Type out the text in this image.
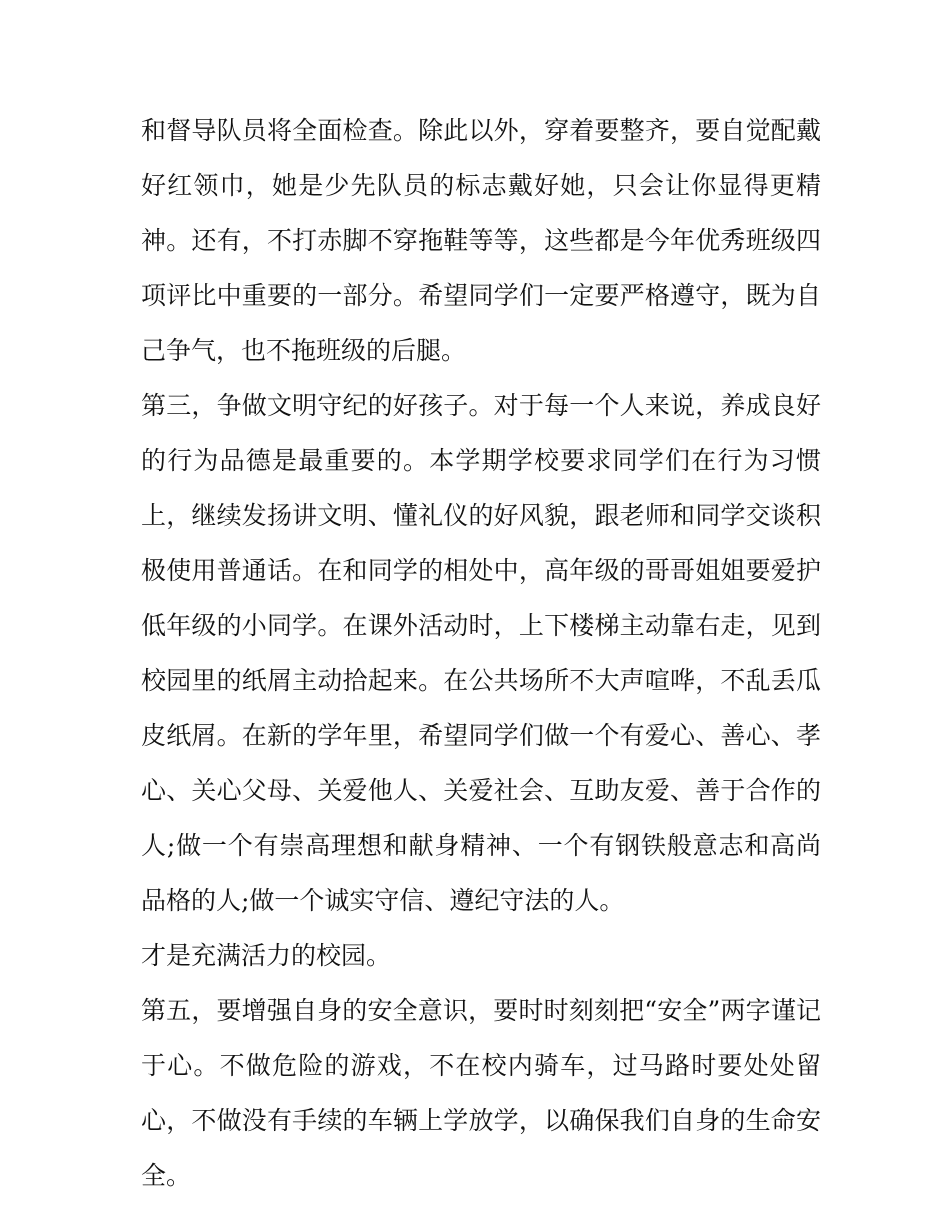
和督导队员将全面检查。除此以外，穿着要整齐，要自觉配戴
好红领巾，她是少先队员的标志戴好她，只会让你显得更精
神。还有，不打赤脚不穿拖鞋等等，这些都是今年优秀班级四
项评比中重要的一部分。希望同学们一定要严格遵守，既为自
己争气，也不拖班级的后腿。
第三，争做文明守纪的好孩子。对于每一个人来说，养成良好
的行为品德是最重要的。本学期学校要求同学们在行为习惯
上，继续发扬讲文明、懂礼仪的好风貌，跟老师和同学交谈积
极使用普通话。在和同学的相处中，高年级的哥哥姐姐要爱护
低年级的小同学。在课外活动时，上下楼梯主动靠右走，见到
校园里的纸屑主动拾起来。在公共场所不大声喧哗，不乱丢瓜
皮纸屑。在新的学年里，希望同学们做一个有爱心、善心、孝
心、关心父母、关爱他人、关爱社会、互助友爱、善于合作的
人;做一个有崇高理想和献身精神、一个有钢铁般意志和高尚
品格的人;做一个诚实守信、遵纪守法的人。
才是充满活力的校园。
第五，要增强自身的安全意识，要时时刻刻把“安全”两字谨记
于心。不做危险的游戏，不在校内骑车，过马路时要处处留
心，不做没有手续的车辆上学放学，以确保我们自身的生命安
全。
